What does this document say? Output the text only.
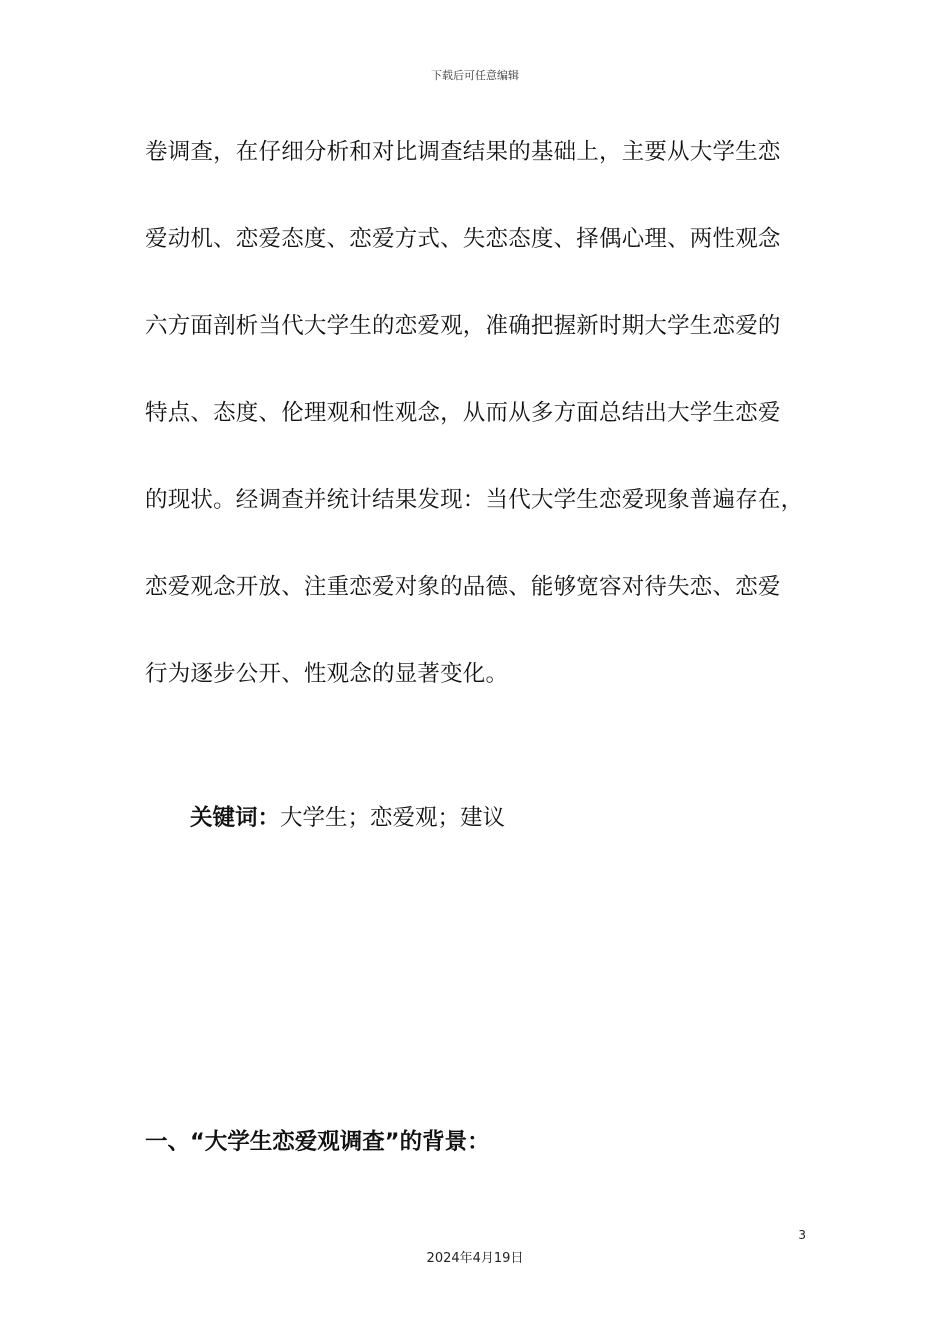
下载后可任意编辑
卷调查，在仔细分析和对比调查结果的基础上，主要从大学生恋
爱动机、恋爱态度、恋爱方式、失恋态度、择偶心理、两性观念
六方面剖析当代大学生的恋爱观，准确把握新时期大学生恋爱的
特点、态度、伦理观和性观念，从而从多方面总结出大学生恋爱
的现状。经调查并统计结果发现：当代大学生恋爱现象普遍存在，
恋爱观念开放、注重恋爱对象的品德、能够宽容对待失恋、恋爱
行为逐步公开、性观念的显著变化。
关键词：大学生；恋爱观；建议
一、“大学生恋爱观调查”的背景：
3
2024年4月19日
